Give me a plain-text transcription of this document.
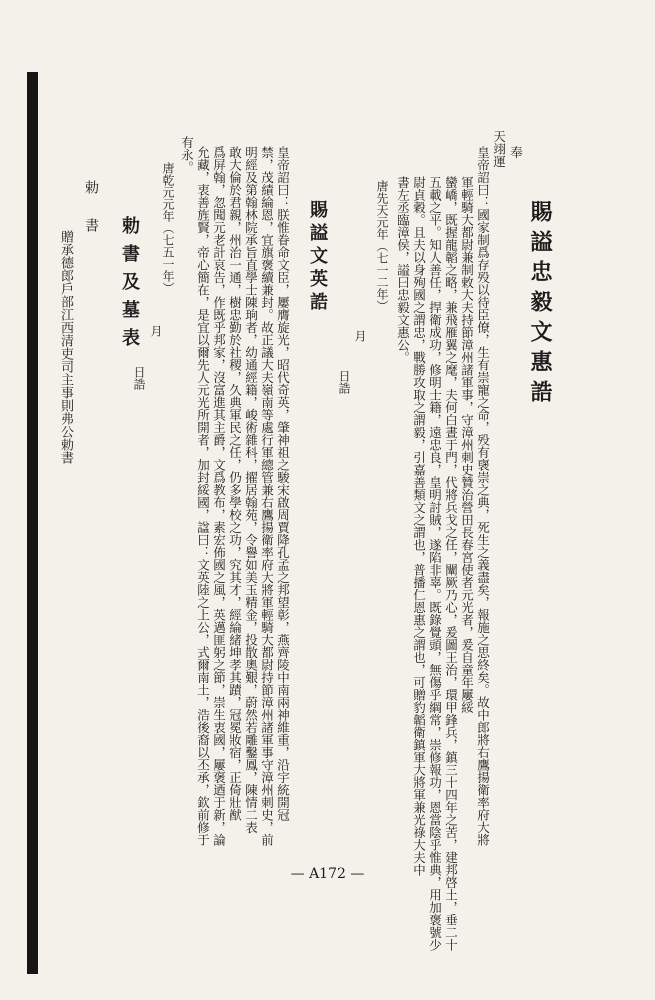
賜謚忠毅文惠誥
奉
天翊運
皇帝詔曰：國家制爲存殁以待臣僚，生有崇寵之命，殁有襃崇之典，死生之義盡矣，報施之思終矣。故中郎將右鷹揚衛率府大將
軍輕騎大都尉兼制敕大夫持節漳州諸軍事，守漳州刺史贊治營田長春宮使者元光者，爰自童年屢綏
蠻嶠，既握龍韜之略，兼飛雁翼之麾，夫何白晝于門，代將兵戈之任，闡厥乃心，爰圖王治，環甲鋒兵，鎮三十四年之苦，建邦啓土，垂二十
五載之平。知人善任，捍衛成功，修明士籍，遠忠良，皇明討賊，遂陷非辜。既錄覺頭，無傷乎綱常，崇修報功，恩當陰乎惟典，用加褒號少
尉貞穀。且夫以身殉國之謂忠，戰勝攻取之謂毅，引嘉善類文之謂也，普播仁恩惠之謂也，可贈豹韜衛鎮軍大將軍兼光祿大夫中
書左丞臨漳侯，謚曰忠毅文惠公。
唐先天元年（七一二年）
月
日誥
賜謚文英誥
皇帝詔曰：朕惟眷命文臣，屢膺旋光，昭代奇英，肇神祖之駿宋啟周賈降孔孟之邦望彰，燕齊陵中南兩神維重，沿宇統開冠
禁，茂績綸恩，宜旗褒續兼封。故正議大夫嶺南等處行軍總管兼右鷹揚衛率府大將軍輕騎大都尉持節漳州諸軍事守漳州刺史，前
明經及第翰林院承旨直學士陳珦者，幼通經籍，峻術雜科，擢居翰苑，令譽如美玉精金，投散奧艱，蔚然若雕鑿鳳，陳情二表
敢大倫於君親，州治一通，樹忠勤於社稷，久典軍民之任，仍多學校之功，究其才，經綸緒坤孝其蹟，冠冕妝宿，正倚壯猷
爲屏翰，忽聞元老計哀告，作既乎邦家，沒富進其主爵，文爲教布，素宏佈國之風，英邁匪躬之節，崇生衷國，屢褒迺于新，論
允藏，衷善旌賢，帝心簡在，是宜以爾先人元光所開者，加封綏國，諡曰：文英陸之上公，式爾南土，浩後裔以丕承，欽前修于
有永。
唐乾元元年（七五一年）
月
日誥
勅書及墓表
勅
書
贈承德郎戶部江西清吏司主事則弗公勅書
— A172 —
